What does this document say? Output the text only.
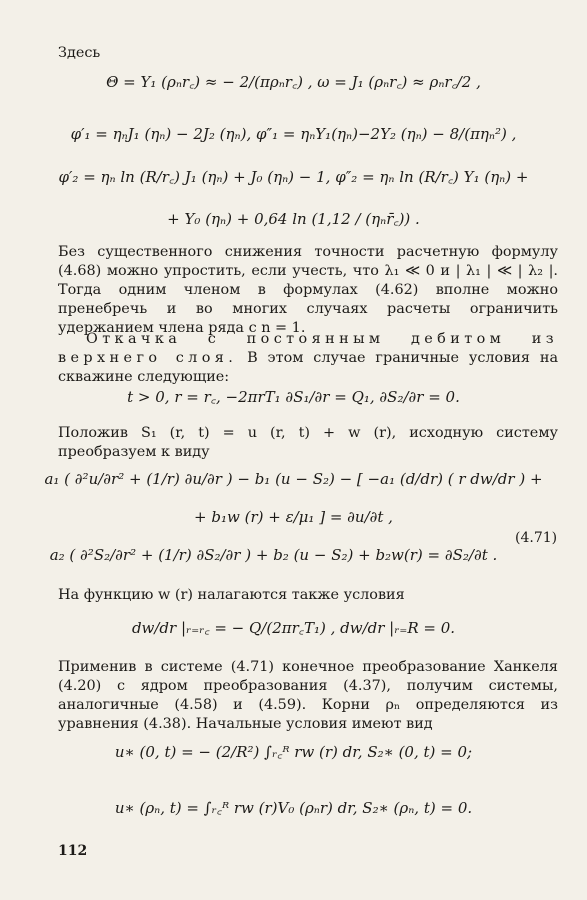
Здесь
Θ = Y₁ (ρₙr꜀) ≈ − 2/(πρₙr꜀) , ω = J₁ (ρₙr꜀) ≈ ρₙr꜀/2 ,
φ′₁ = ηₙJ₁ (ηₙ) − 2J₂ (ηₙ), φ″₁ = ηₙY₁(ηₙ)−2Y₂ (ηₙ) − 8/(πηₙ²) ,
φ′₂ = ηₙ ln (R/r꜀) J₁ (ηₙ) + J₀ (ηₙ) − 1, φ″₂ = ηₙ ln (R/r꜀) Y₁ (ηₙ) +
+ Y₀ (ηₙ) + 0,64 ln (1,12 / (ηₙr̄꜀)) .

Без существенного снижения точности расчетную формулу (4.68) можно упростить, если учесть, что λ₁ ≪ 0 и | λ₁ | ≪ | λ₂ |. Тогда одним членом в формулах (4.62) вполне можно пренебречь и во многих случаях расчеты ограничить удержанием члена ряда с n = 1.

Откачка с постоянным дебитом из верхнего слоя. В этом случае граничные условия на скважине следующие:

t > 0, r = r꜀, −2πrT₁ ∂S₁/∂r = Q₁, ∂S₂/∂r = 0.

Положив S₁ (r, t) = u (r, t) + w (r), исходную систему преобразуем к виду

a₁ ( ∂²u/∂r² + (1/r) ∂u/∂r ) − b₁ (u − S₂) − [ −a₁ (d/dr) ( r dw/dr ) +
+ b₁w (r) + ε/μ₁ ] = ∂u/∂t ,
a₂ ( ∂²S₂/∂r² + (1/r) ∂S₂/∂r ) + b₂ (u − S₂) + b₂w(r) = ∂S₂/∂t .
(4.71)

На функцию w (r) налагаются также условия

dw/dr |ᵣ₌ᵣ꜀ = − Q/(2πr꜀T₁) , dw/dr |ᵣ₌R = 0.

Применив в системе (4.71) конечное преобразование Ханкеля (4.20) с ядром преобразования (4.37), получим системы, аналогичные (4.58) и (4.59). Корни ρₙ определяются из уравнения (4.38). Начальные условия имеют вид

u∗ (0, t) = − (2/R²) ∫ᵣ꜀ᴿ rw (r) dr, S₂∗ (0, t) = 0;
u∗ (ρₙ, t) = ∫ᵣ꜀ᴿ rw (r)V₀ (ρₙr) dr, S₂∗ (ρₙ, t) = 0.
112
